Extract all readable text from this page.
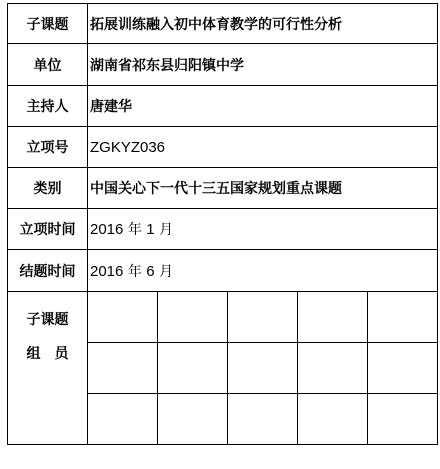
子课题	拓展训练融入初中体育教学的可行性分析				
单位	湖南省祁东县归阳镇中学				
主持人	唐建华				
立项号	ZGKYZ036				
类别	中国关心下一代十三五国家规划重点课题				
立项时间	2016 年 1 月				
结题时间	2016 年 6 月				

子课题
组员					
